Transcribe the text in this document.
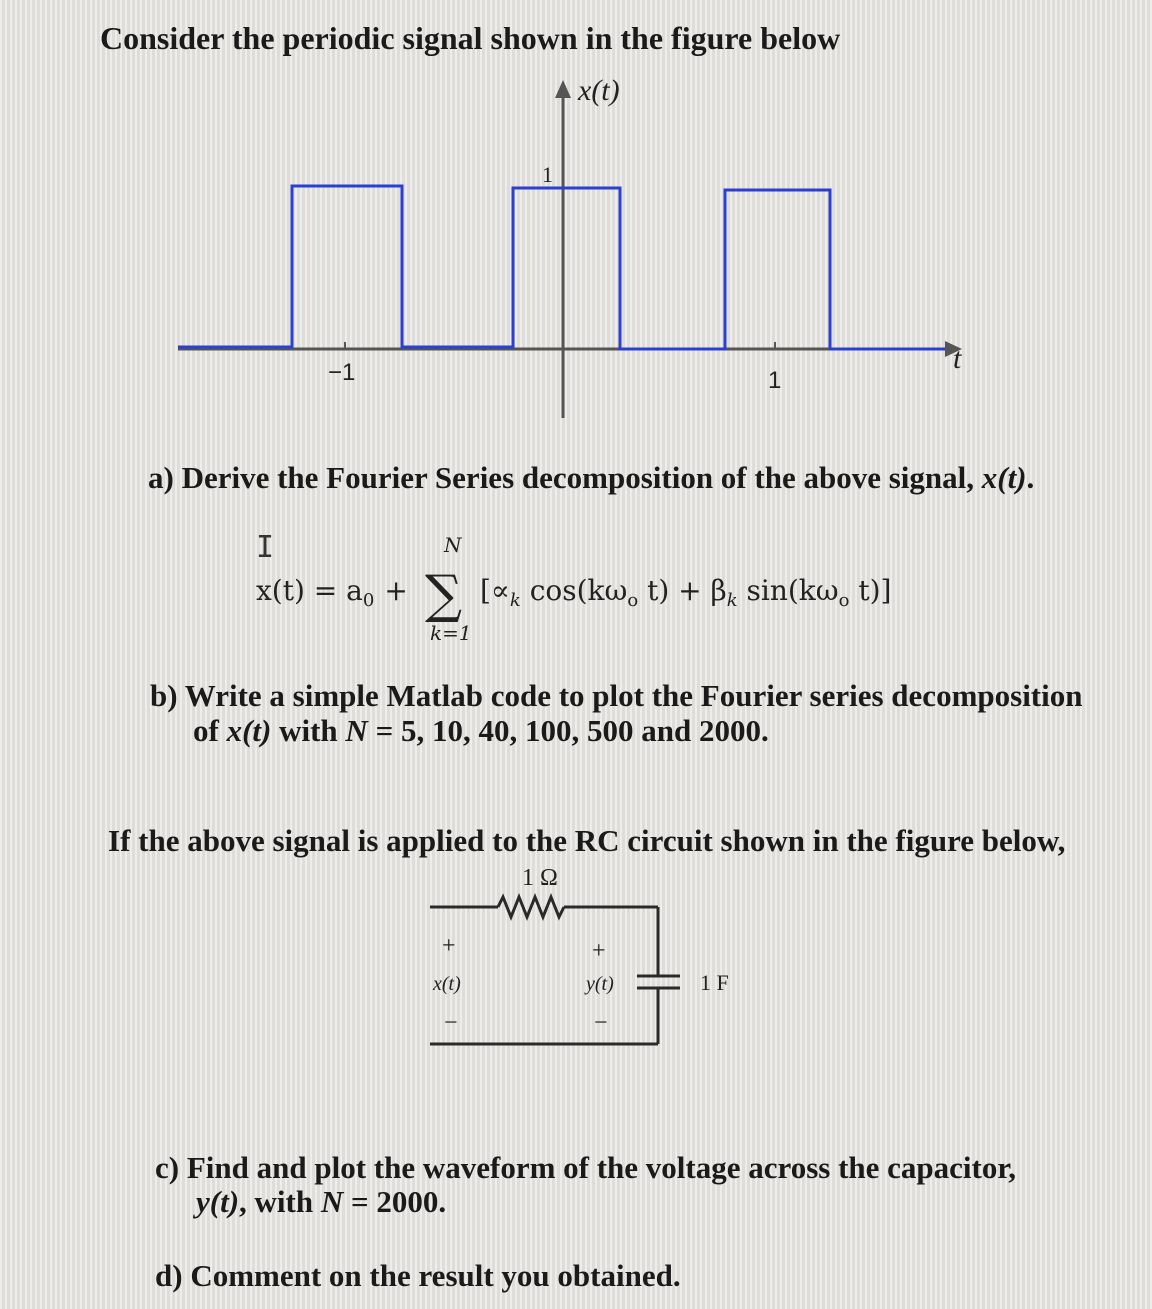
Consider the periodic signal shown in the figure below
x(t)
t
−1	1
1
a) Derive the Fourier Series decomposition of the above signal, x(t).
I	N
∑
k=1
$x(t) = a_0$ +	[$\propto_k$ $\cos(k\omega_o$ $t) + \beta_k$ $\sin(k\omega_o$ t)]
b) Write a simple Matlab code to plot the Fourier series decomposition
of x(t) with N = 5, 10, 40, 100, 500 and 2000.
If the above signal is applied to the RC circuit shown in the figure below,
1 Ω
1 F
+
x(t)
−
+
y(t)
−
c) Find and plot the waveform of the voltage across the capacitor,
y(t), with N = 2000.
d) Comment on the result you obtained.
